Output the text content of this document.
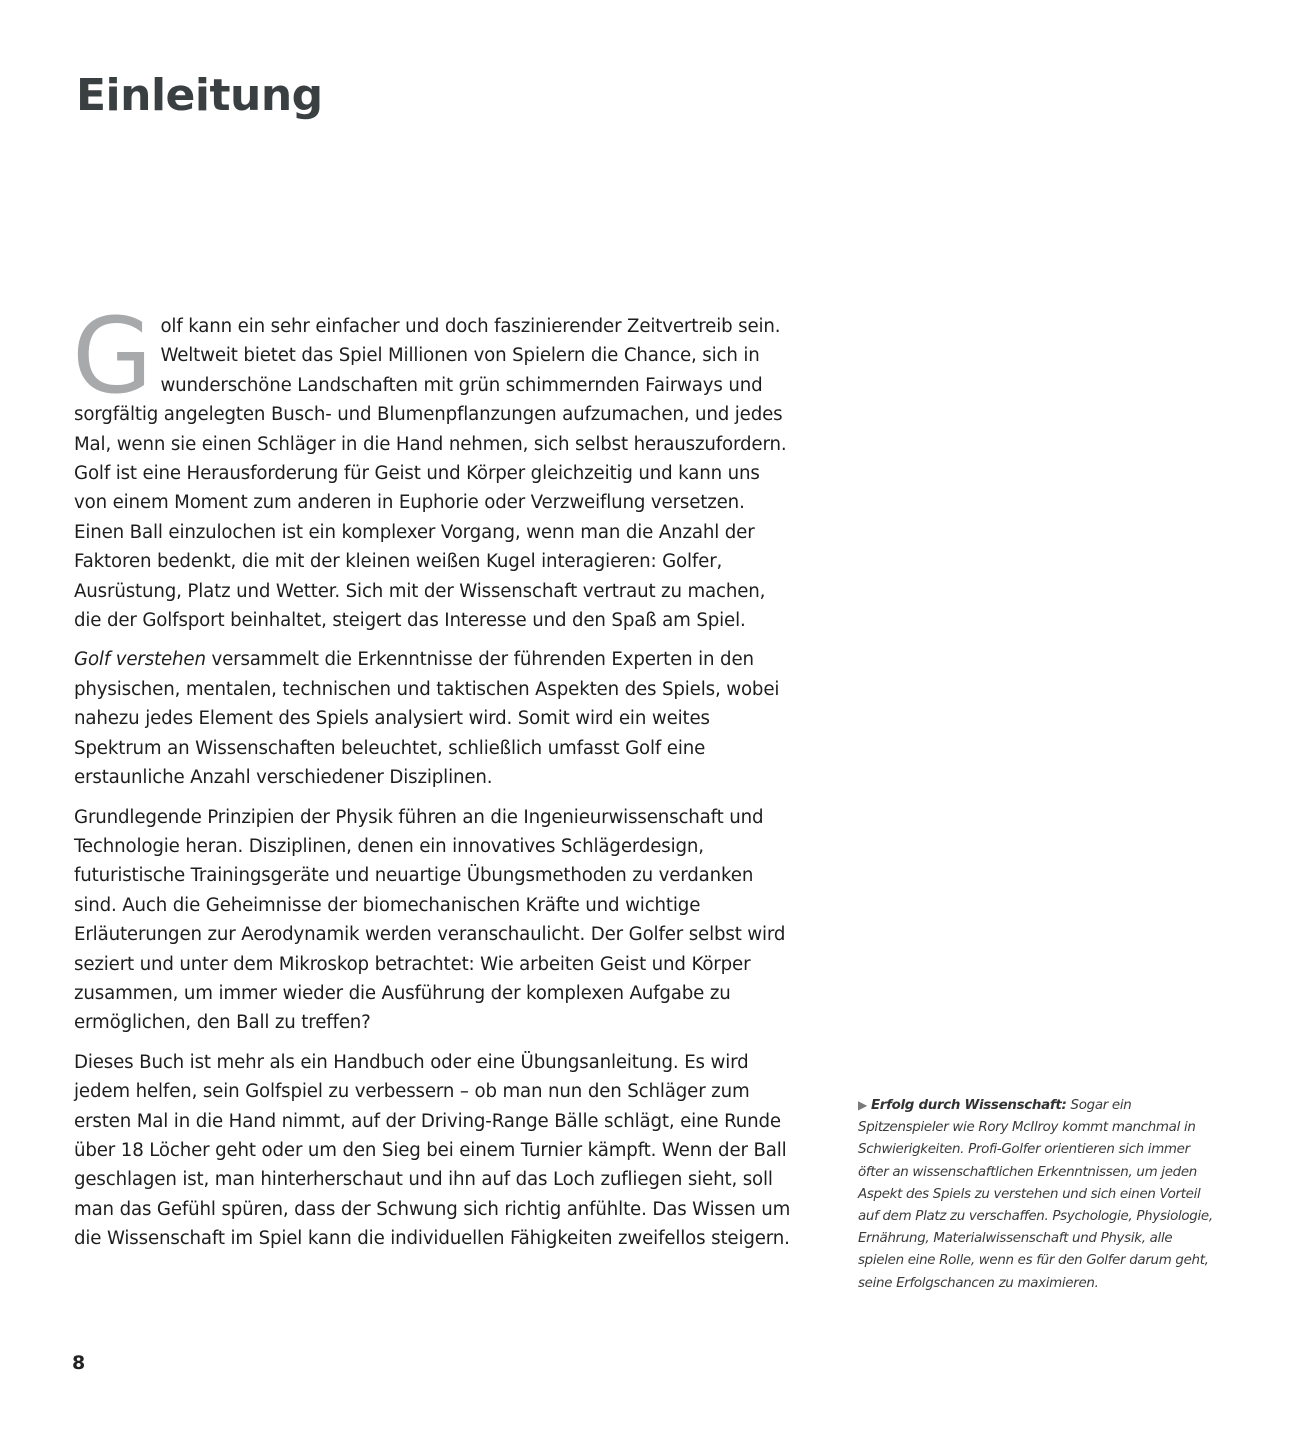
Einleitung

Golf kann ein sehr einfacher und doch faszinierender Zeitvertreib sein. Weltweit bietet das Spiel Millionen von Spielern die Chance, sich in wunderschöne Landschaften mit grün schimmernden Fairways und sorgfältig angelegten Busch- und Blumenpflanzungen aufzumachen, und jedes Mal, wenn sie einen Schläger in die Hand nehmen, sich selbst herauszufordern. Golf ist eine Herausforderung für Geist und Körper gleichzeitig und kann uns von einem Moment zum anderen in Euphorie oder Verzweiflung versetzen. Einen Ball einzulochen ist ein komplexer Vorgang, wenn man die Anzahl der Faktoren bedenkt, die mit der kleinen weißen Kugel interagieren: Golfer, Ausrüstung, Platz und Wetter. Sich mit der Wissenschaft vertraut zu machen, die der Golfsport beinhaltet, steigert das Interesse und den Spaß am Spiel.

Golf verstehen versammelt die Erkenntnisse der führenden Experten in den physischen, mentalen, technischen und taktischen Aspekten des Spiels, wobei nahezu jedes Element des Spiels analysiert wird. Somit wird ein weites Spektrum an Wissenschaften beleuchtet, schließlich umfasst Golf eine erstaunliche Anzahl verschiedener Disziplinen.

Grundlegende Prinzipien der Physik führen an die Ingenieurwissenschaft und Technologie heran. Disziplinen, denen ein innovatives Schlägerdesign, futuristische Trainingsgeräte und neuartige Übungsmethoden zu verdanken sind. Auch die Geheimnisse der biomechanischen Kräfte und wichtige Erläuterungen zur Aerodynamik werden veranschaulicht. Der Golfer selbst wird seziert und unter dem Mikroskop betrachtet: Wie arbeiten Geist und Körper zusammen, um immer wieder die Ausführung der komplexen Aufgabe zu ermöglichen, den Ball zu treffen?

Dieses Buch ist mehr als ein Handbuch oder eine Übungsanleitung. Es wird jedem helfen, sein Golfspiel zu verbessern – ob man nun den Schläger zum ersten Mal in die Hand nimmt, auf der Driving-Range Bälle schlägt, eine Runde über 18 Löcher geht oder um den Sieg bei einem Turnier kämpft. Wenn der Ball geschlagen ist, man hinterherschaut und ihn auf das Loch zufliegen sieht, soll man das Gefühl spüren, dass der Schwung sich richtig anfühlte. Das Wissen um die Wissenschaft im Spiel kann die individuellen Fähigkeiten zweifellos steigern.

▶ Erfolg durch Wissenschaft: Sogar ein Spitzenspieler wie Rory McIlroy kommt manchmal in Schwierigkeiten. Profi-Golfer orientieren sich immer öfter an wissenschaftlichen Erkenntnissen, um jeden Aspekt des Spiels zu verstehen und sich einen Vorteil auf dem Platz zu verschaffen. Psychologie, Physiologie, Ernährung, Materialwissenschaft und Physik, alle spielen eine Rolle, wenn es für den Golfer darum geht, seine Erfolgschancen zu maximieren.

8
